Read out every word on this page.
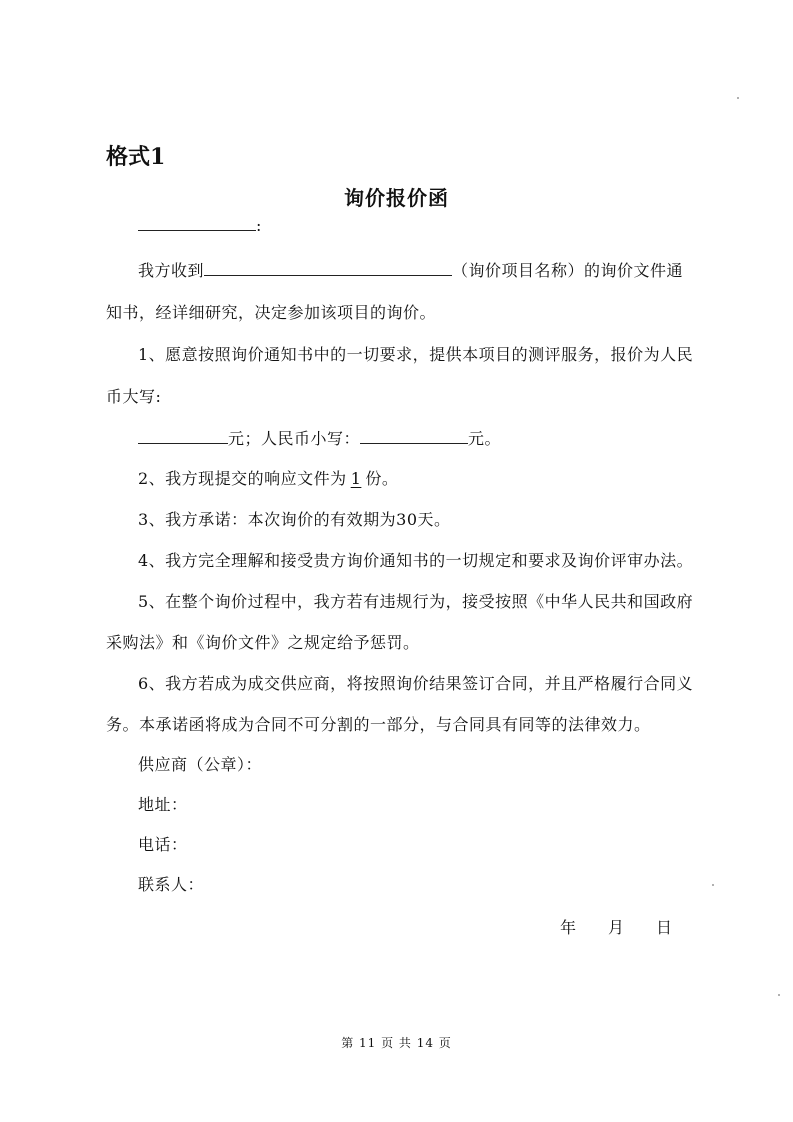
格式1
询价报价函
:
我方收到	（询价项目名称）的询价文件通
知书，经详细研究，决定参加该项目的询价。
1、愿意按照询价通知书中的一切要求，提供本项目的测评服务，报价为人民
币大写:
元；人民币小写：	元。
2、我方现提交的响应文件为 1 份。
3、我方承诺：本次询价的有效期为30天。
4、我方完全理解和接受贵方询价通知书的一切规定和要求及询价评审办法。
5、在整个询价过程中，我方若有违规行为，接受按照《中华人民共和国政府
采购法》和《询价文件》之规定给予惩罚。
6、我方若成为成交供应商，将按照询价结果签订合同，并且严格履行合同义
务。本承诺函将成为合同不可分割的一部分，与合同具有同等的法律效力。
供应商（公章）：
地址：
电话：
联系人：
年 月 日
第 11 页 共 14 页
